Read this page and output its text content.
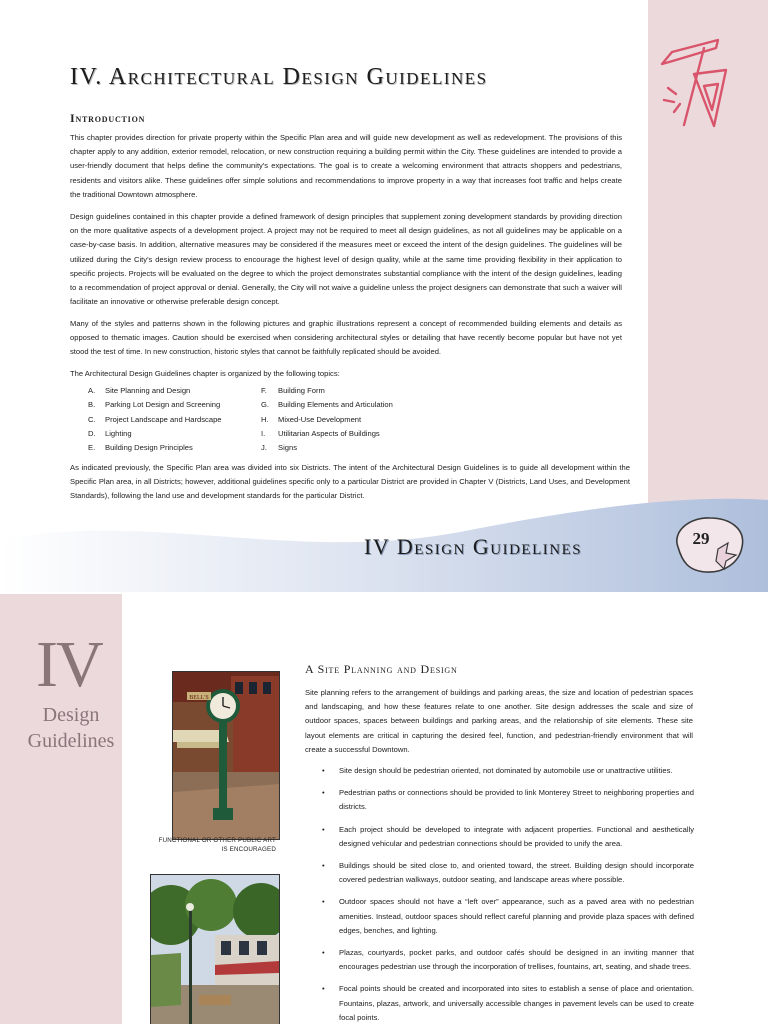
IV. Architectural Design Guidelines
Introduction

This chapter provides direction for private property within the Specific Plan area and will guide new development as well as redevelopment. The provisions of this chapter apply to any addition, exterior remodel, relocation, or new construction requiring a building permit within the City. These guidelines are intended to provide a user-friendly document that helps define the community's expectations. The goal is to create a welcoming environment that attracts shoppers and pedestrians, residents and visitors alike. These guidelines offer simple solutions and recommendations to improve property in a way that increases foot traffic and helps create the traditional Downtown atmosphere.

Design guidelines contained in this chapter provide a defined framework of design principles that supplement zoning development standards by providing direction on the more qualitative aspects of a development project. A project may not be required to meet all design guidelines, as not all guidelines may be applicable on a case-by-case basis. In addition, alternative measures may be considered if the measures meet or exceed the intent of the design guidelines. The guidelines will be utilized during the City's design review process to encourage the highest level of design quality, while at the same time providing flexibility in their application to specific projects. Projects will be evaluated on the degree to which the project demonstrates substantial compliance with the intent of the design guidelines, leading to a recommendation of project approval or denial. Generally, the City will not waive a guideline unless the project designers can demonstrate that such a waiver will facilitate an innovative or otherwise preferable design concept.

Many of the styles and patterns shown in the following pictures and graphic illustrations represent a concept of recommended building elements and details as opposed to thematic images. Caution should be exercised when considering architectural styles or detailing that have recently become popular but have not yet stood the test of time. In new construction, historic styles that cannot be faithfully replicated should be avoided.

The Architectural Design Guidelines chapter is organized by the following topics:

A. Site Planning and Design
B. Parking Lot Design and Screening
C. Project Landscape and Hardscape
D. Lighting
E. Building Design Principles
F. Building Form
G. Building Elements and Articulation
H. Mixed-Use Development
I. Utilitarian Aspects of Buildings
J. Signs

As indicated previously, the Specific Plan area was divided into six Districts. The intent of the Architectural Design Guidelines is to guide all development within the Specific Plan area, in all Districts; however, additional guidelines specific only to a particular District are provided in Chapter V (Districts, Land Uses, and Development Standards), following the land use and development standards for the particular District.

IV Design Guidelines	29
IV
Design
Guidelines
BELL'S
FUNCTIONAL OR OTHER PUBLIC ART
IS ENCOURAGED
A Site Planning and Design

Site planning refers to the arrangement of buildings and parking areas, the size and location of pedestrian spaces and landscaping, and how these features relate to one another. Site design addresses the scale and size of outdoor spaces, spaces between buildings and parking areas, and the relationship of site elements. These site layout elements are critical in capturing the desired feel, function, and pedestrian-friendly environment that will create a successful Downtown.

• Site design should be pedestrian oriented, not dominated by automobile use or unattractive utilities.
• Pedestrian paths or connections should be provided to link Monterey Street to neighboring properties and districts.
• Each project should be developed to integrate with adjacent properties. Functional and aesthetically designed vehicular and pedestrian connections should be provided to unify the area.
• Buildings should be sited close to, and oriented toward, the street. Building design should incorporate covered pedestrian walkways, outdoor seating, and landscape areas where possible.
• Outdoor spaces should not have a “left over” appearance, such as a paved area with no pedestrian amenities. Instead, outdoor spaces should reflect careful planning and provide plaza spaces with defined edges, benches, and lighting.
• Plazas, courtyards, pocket parks, and outdoor cafés should be designed in an inviting manner that encourages pedestrian use through the incorporation of trellises, fountains, art, seating, and shade trees.
• Focal points should be created and incorporated into sites to establish a sense of place and orientation. Fountains, plazas, artwork, and universally accessible changes in pavement levels can be used to create focal points.
